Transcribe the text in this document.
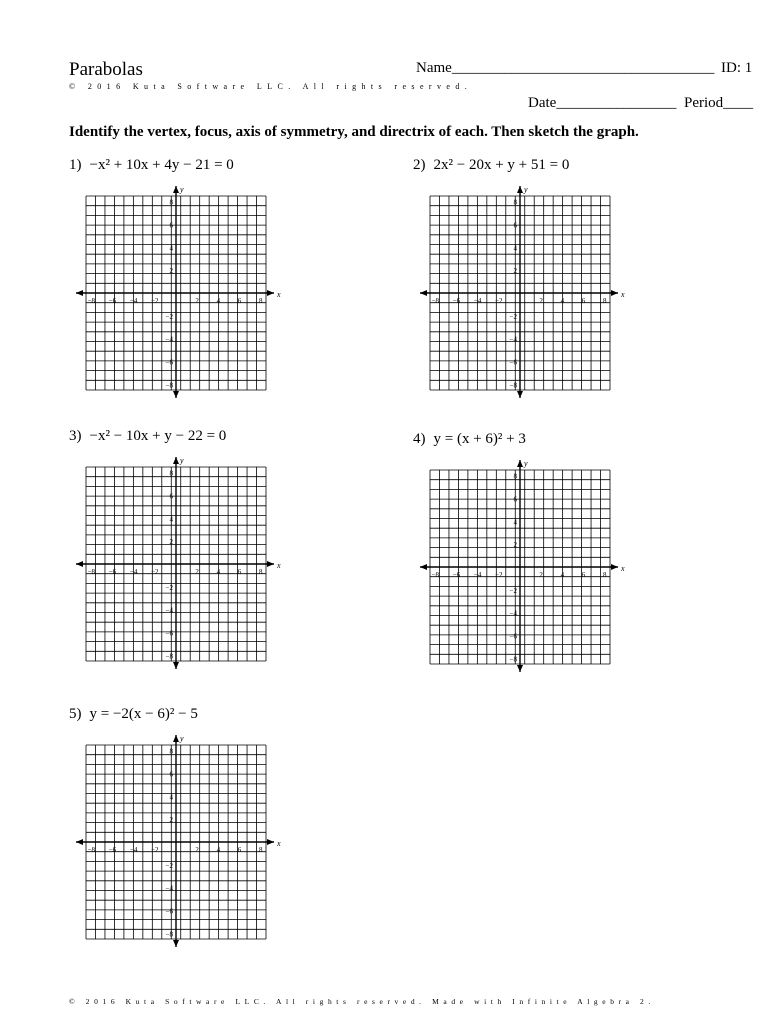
Parabolas
© 2016 Kuta Software LLC. All rights reserved.
Name___________________________________ ID: 1
Date________________ Period____
Identify the vertex, focus, axis of symmetry, and directrix of each. Then sketch the graph.
1) −x² + 10x + 4y − 21 = 0	2) 2x² − 20x + y + 51 = 0
3) −x² − 10x + y − 22 = 0	4) y = (x + 6)² + 3
5) y = −2(x − 6)² − 5
−8 −6 −4 −2	2	4	6	8
8
6
4
2
−2
−4
−6
−8
x
y
−8 −6 −4 −2	2	4	6	8
8
6
4
2
−2
−4
−6
−8
x
y
−8 −6 −4 −2	2	4	6	8
8
6
4
2
−2
−4
−6
−8
x
y
−8 −6 −4 −2	2	4	6	8
8
6
4
2
−2
−4
−6
−8
x
y
−8 −6 −4 −2	2	4	6	8
8
6
4
2
−2
−4
−6
−8
x
y
© 2016 Kuta Software LLC. All rights reserved. Made with Infinite Algebra 2.
